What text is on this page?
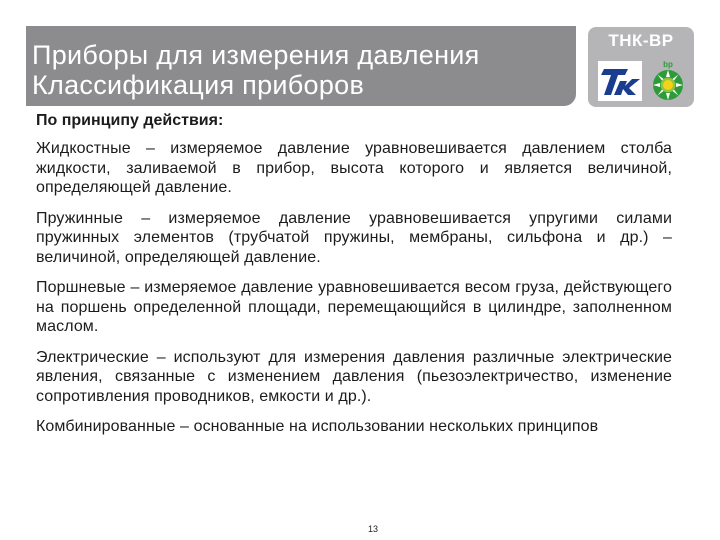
Приборы для измерения давления
Классификация приборов
ТНК-ВР
bp
По принципу действия:
Жидкостные – измеряемое давление уравновешивается давлением столба жидкости, заливаемой в прибор, высота которого и является величиной, определяющей давление.
Пружинные – измеряемое давление уравновешивается упругими силами пружинных элементов (трубчатой пружины, мембраны, сильфона и др.) – величиной, определяющей давление.
Поршневые – измеряемое давление уравновешивается весом груза, действующего на поршень определенной площади, перемещающийся в цилиндре, заполненном маслом.
Электрические – используют для измерения давления различные электрические явления, связанные с изменением давления (пьезоэлектричество, изменение сопротивления проводников, емкости и др.).
Комбинированные – основанные на использовании нескольких принципов
13
